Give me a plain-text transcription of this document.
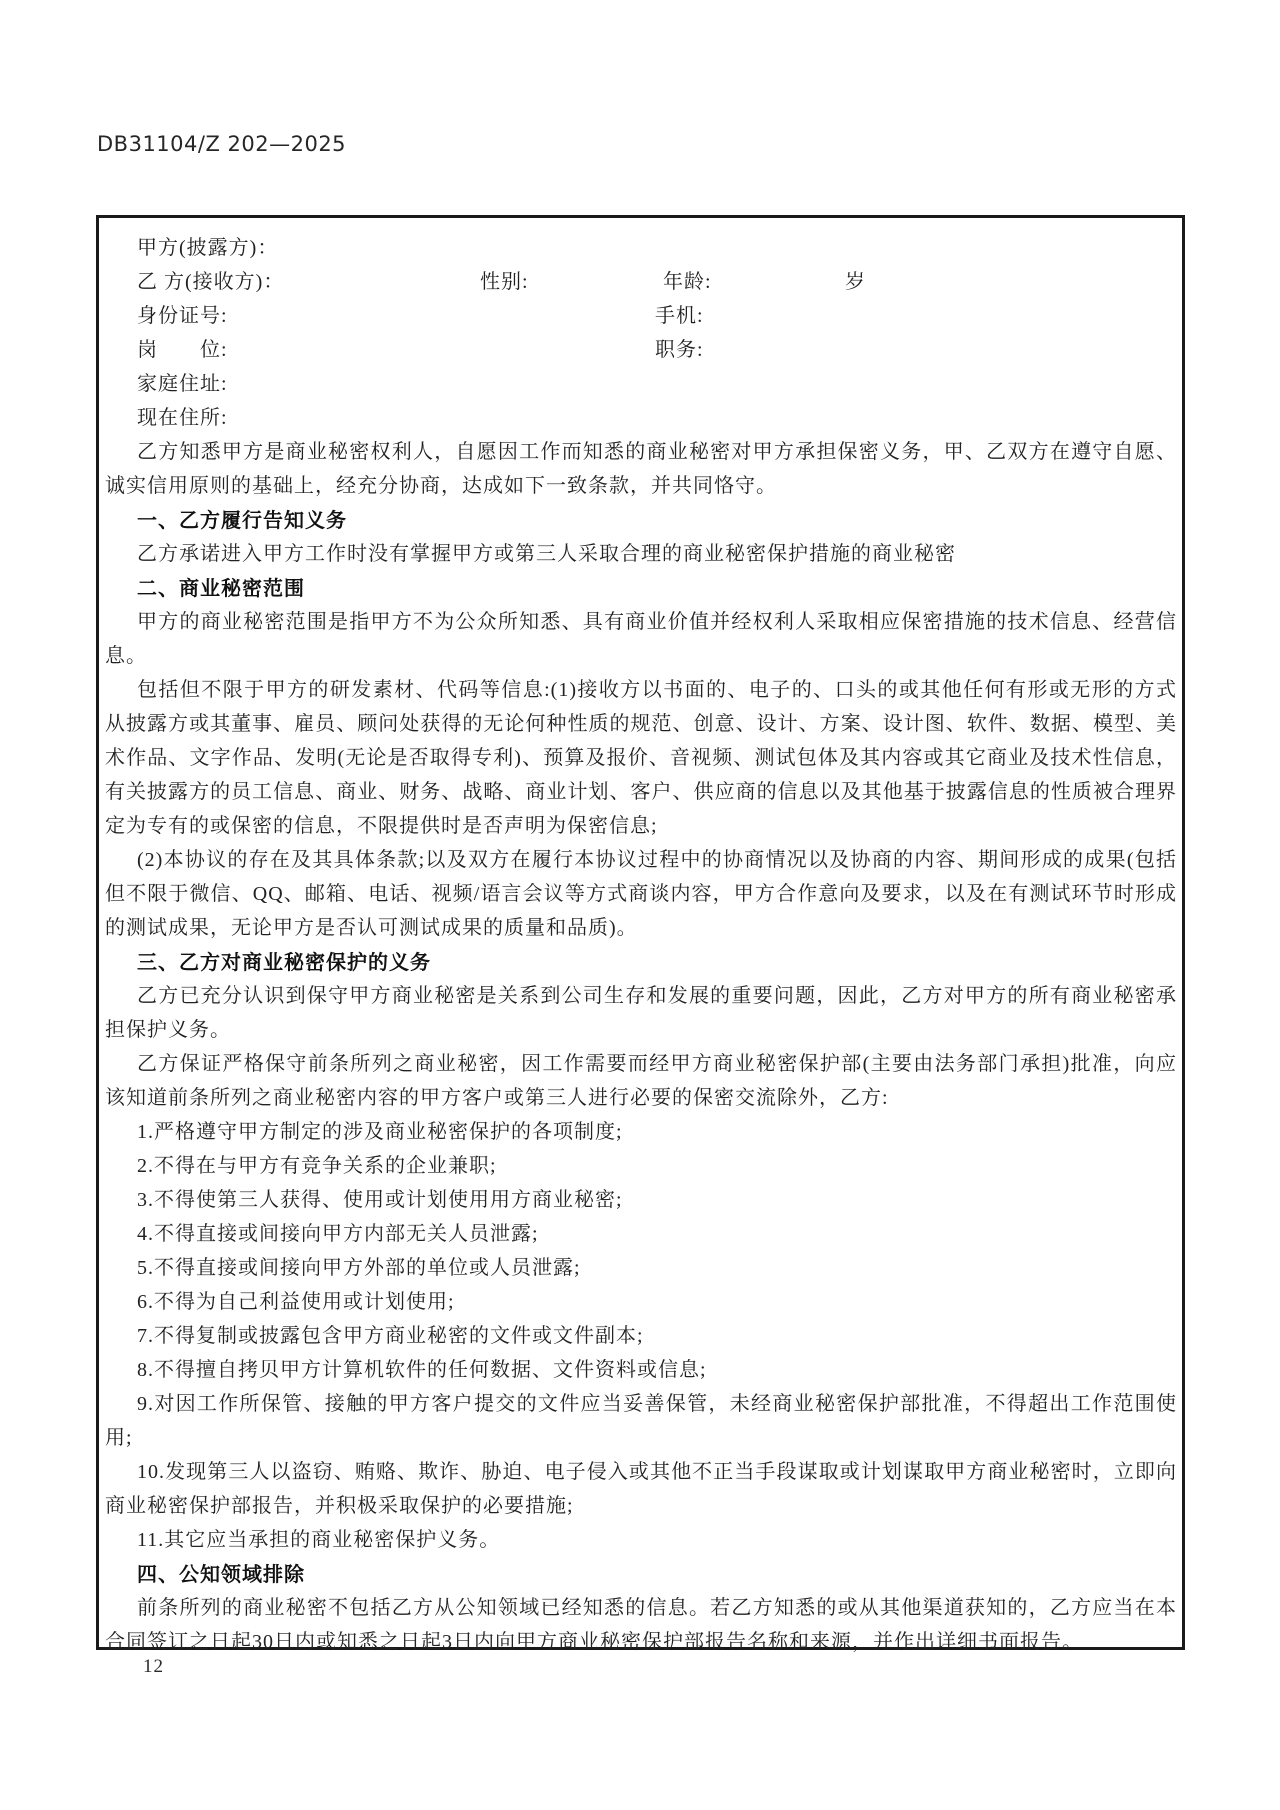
DB31104/Z 202—2025
甲方(披露方)：
乙 方(接收方)：	性别:	年龄:	岁
身份证号:	手机:
岗　　位:	职务:
家庭住址:
现在住所:

乙方知悉甲方是商业秘密权利人，自愿因工作而知悉的商业秘密对甲方承担保密义务，甲、乙双方在遵守自愿、诚实信用原则的基础上，经充分协商，达成如下一致条款，并共同恪守。

一、乙方履行告知义务

乙方承诺进入甲方工作时没有掌握甲方或第三人采取合理的商业秘密保护措施的商业秘密

二、商业秘密范围

甲方的商业秘密范围是指甲方不为公众所知悉、具有商业价值并经权利人采取相应保密措施的技术信息、经营信息。

包括但不限于甲方的研发素材、代码等信息:(1)接收方以书面的、电子的、口头的或其他任何有形或无形的方式从披露方或其董事、雇员、顾问处获得的无论何种性质的规范、创意、设计、方案、设计图、软件、数据、模型、美术作品、文字作品、发明(无论是否取得专利)、预算及报价、音视频、测试包体及其内容或其它商业及技术性信息，有关披露方的员工信息、商业、财务、战略、商业计划、客户、供应商的信息以及其他基于披露信息的性质被合理界定为专有的或保密的信息，不限提供时是否声明为保密信息;

(2)本协议的存在及其具体条款;以及双方在履行本协议过程中的协商情况以及协商的内容、期间形成的成果(包括但不限于微信、QQ、邮箱、电话、视频/语言会议等方式商谈内容，甲方合作意向及要求，以及在有测试环节时形成的测试成果，无论甲方是否认可测试成果的质量和品质)。

三、乙方对商业秘密保护的义务

乙方已充分认识到保守甲方商业秘密是关系到公司生存和发展的重要问题，因此，乙方对甲方的所有商业秘密承担保护义务。

乙方保证严格保守前条所列之商业秘密，因工作需要而经甲方商业秘密保护部(主要由法务部门承担)批准，向应该知道前条所列之商业秘密内容的甲方客户或第三人进行必要的保密交流除外，乙方:

1.严格遵守甲方制定的涉及商业秘密保护的各项制度;

2.不得在与甲方有竞争关系的企业兼职;

3.不得使第三人获得、使用或计划使用用方商业秘密;

4.不得直接或间接向甲方内部无关人员泄露;

5.不得直接或间接向甲方外部的单位或人员泄露;

6.不得为自己利益使用或计划使用;

7.不得复制或披露包含甲方商业秘密的文件或文件副本;

8.不得擅自拷贝甲方计算机软件的任何数据、文件资料或信息;

9.对因工作所保管、接触的甲方客户提交的文件应当妥善保管，未经商业秘密保护部批准，不得超出工作范围使用;

10.发现第三人以盗窃、贿赂、欺诈、胁迫、电子侵入或其他不正当手段谋取或计划谋取甲方商业秘密时，立即向商业秘密保护部报告，并积极采取保护的必要措施;

11.其它应当承担的商业秘密保护义务。

四、公知领域排除

前条所列的商业秘密不包括乙方从公知领域已经知悉的信息。若乙方知悉的或从其他渠道获知的，乙方应当在本合同签订之日起30日内或知悉之日起3日内向甲方商业秘密保护部报告名称和来源，并作出详细书面报告。

12
